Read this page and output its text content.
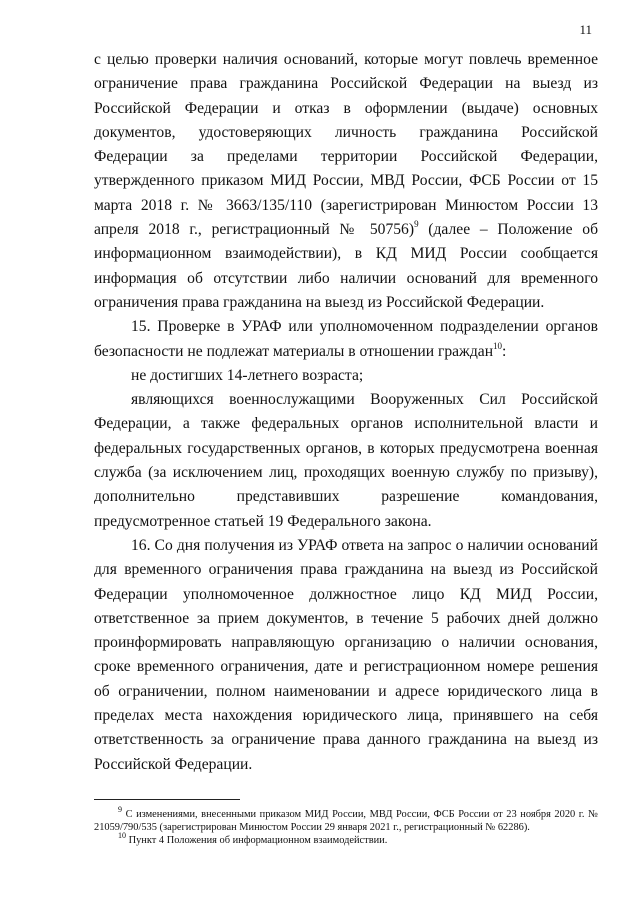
11

с целью проверки наличия оснований, которые могут повлечь временное ограничение права гражданина Российской Федерации на выезд из Российской Федерации и отказ в оформлении (выдаче) основных документов, удостоверяющих личность гражданина Российской Федерации за пределами территории Российской Федерации, утвержденного приказом МИД России, МВД России, ФСБ России от 15 марта 2018 г. № 3663/135/110 (зарегистрирован Минюстом России 13 апреля 2018 г., регистрационный № 50756)$^9$ (далее – Положение об информационном взаимодействии), в КД МИД России сообщается информация об отсутствии либо наличии оснований для временного ограничения права гражданина на выезд из Российской Федерации.

15. Проверке в УРАФ или уполномоченном подразделении органов безопасности не подлежат материалы в отношении граждан$^{10}$:

не достигших 14-летнего возраста;

являющихся военнослужащими Вооруженных Сил Российской Федерации, а также федеральных органов исполнительной власти и федеральных государственных органов, в которых предусмотрена военная служба (за исключением лиц, проходящих военную службу по призыву), дополнительно представивших разрешение командования, предусмотренное статьей 19 Федерального закона.

16. Со дня получения из УРАФ ответа на запрос о наличии оснований для временного ограничения права гражданина на выезд из Российской Федерации уполномоченное должностное лицо КД МИД России, ответственное за прием документов, в течение 5 рабочих дней должно проинформировать направляющую организацию о наличии основания, сроке временного ограничения, дате и регистрационном номере решения об ограничении, полном наименовании и адресе юридического лица в пределах места нахождения юридического лица, принявшего на себя ответственность за ограничение права данного гражданина на выезд из Российской Федерации.

$^9$ С изменениями, внесенными приказом МИД России, МВД России, ФСБ России от 23 ноября 2020 г. № 21059/790/535 (зарегистрирован Минюстом России 29 января 2021 г., регистрационный № 62286).

$^{10}$ Пункт 4 Положения об информационном взаимодействии.
